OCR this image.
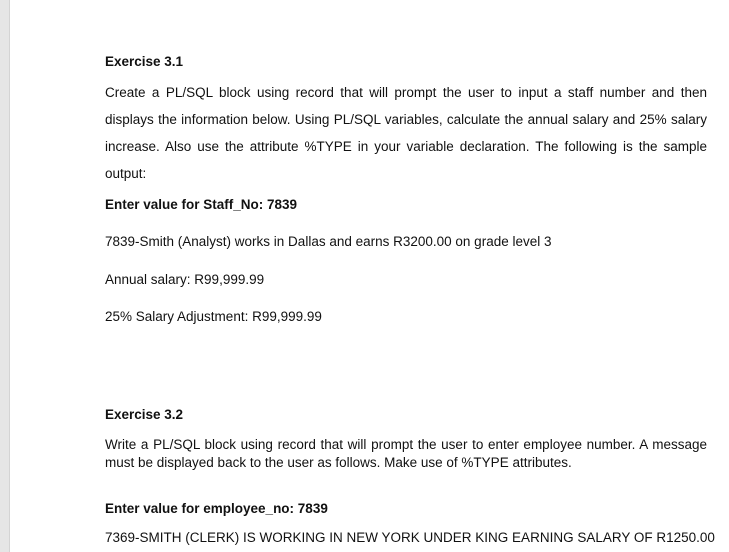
Exercise 3.1

Create a PL/SQL block using record that will prompt the user to input a staff number and then displays the information below. Using PL/SQL variables, calculate the annual salary and 25% salary increase. Also use the attribute %TYPE in your variable declaration. The following is the sample output:

Enter value for Staff_No: 7839

7839-Smith (Analyst) works in Dallas and earns R3200.00 on grade level 3

Annual salary: R99,999.99

25% Salary Adjustment: R99,999.99

Exercise 3.2

Write a PL/SQL block using record that will prompt the user to enter employee number. A message must be displayed back to the user as follows. Make use of %TYPE attributes.

Enter value for employee_no: 7839

7369-SMITH (CLERK) IS WORKING IN NEW YORK UNDER KING EARNING SALARY OF R1250.00
